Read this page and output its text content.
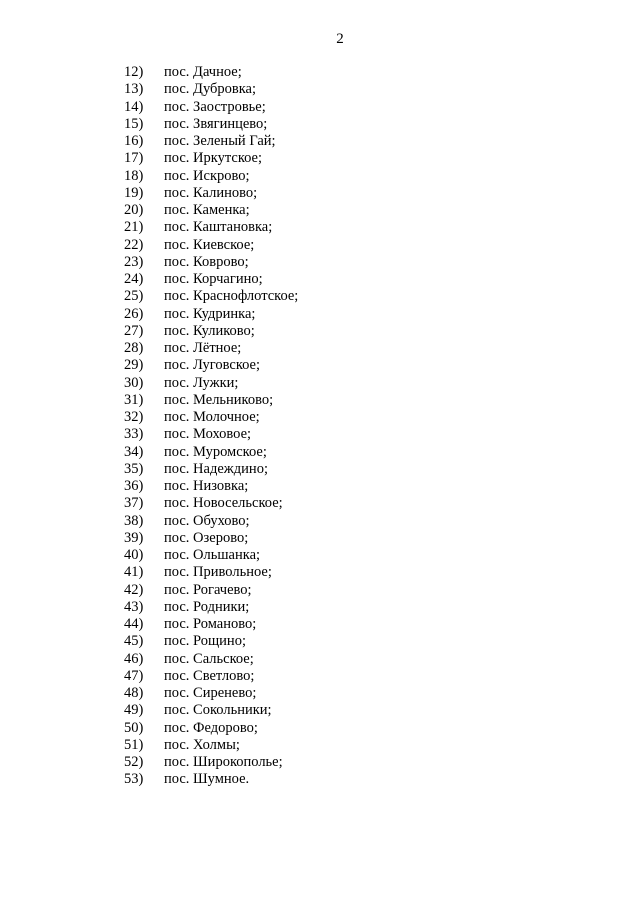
2
12) пос. Дачное;
13) пос. Дубровка;
14) пос. Заостровье;
15) пос. Звягинцево;
16) пос. Зеленый Гай;
17) пос. Иркутское;
18) пос. Искрово;
19) пос. Калиново;
20) пос. Каменка;
21) пос. Каштановка;
22) пос. Киевское;
23) пос. Коврово;
24) пос. Корчагино;
25) пос. Краснофлотское;
26) пос. Кудринка;
27) пос. Куликово;
28) пос. Лётное;
29) пос. Луговское;
30) пос. Лужки;
31) пос. Мельниково;
32) пос. Молочное;
33) пос. Моховое;
34) пос. Муромское;
35) пос. Надеждино;
36) пос. Низовка;
37) пос. Новосельское;
38) пос. Обухово;
39) пос. Озерово;
40) пос. Ольшанка;
41) пос. Привольное;
42) пос. Рогачево;
43) пос. Родники;
44) пос. Романово;
45) пос. Рощино;
46) пос. Сальское;
47) пос. Светлово;
48) пос. Сиренево;
49) пос. Сокольники;
50) пос. Федорово;
51) пос. Холмы;
52) пос. Широкополье;
53) пос. Шумное.
